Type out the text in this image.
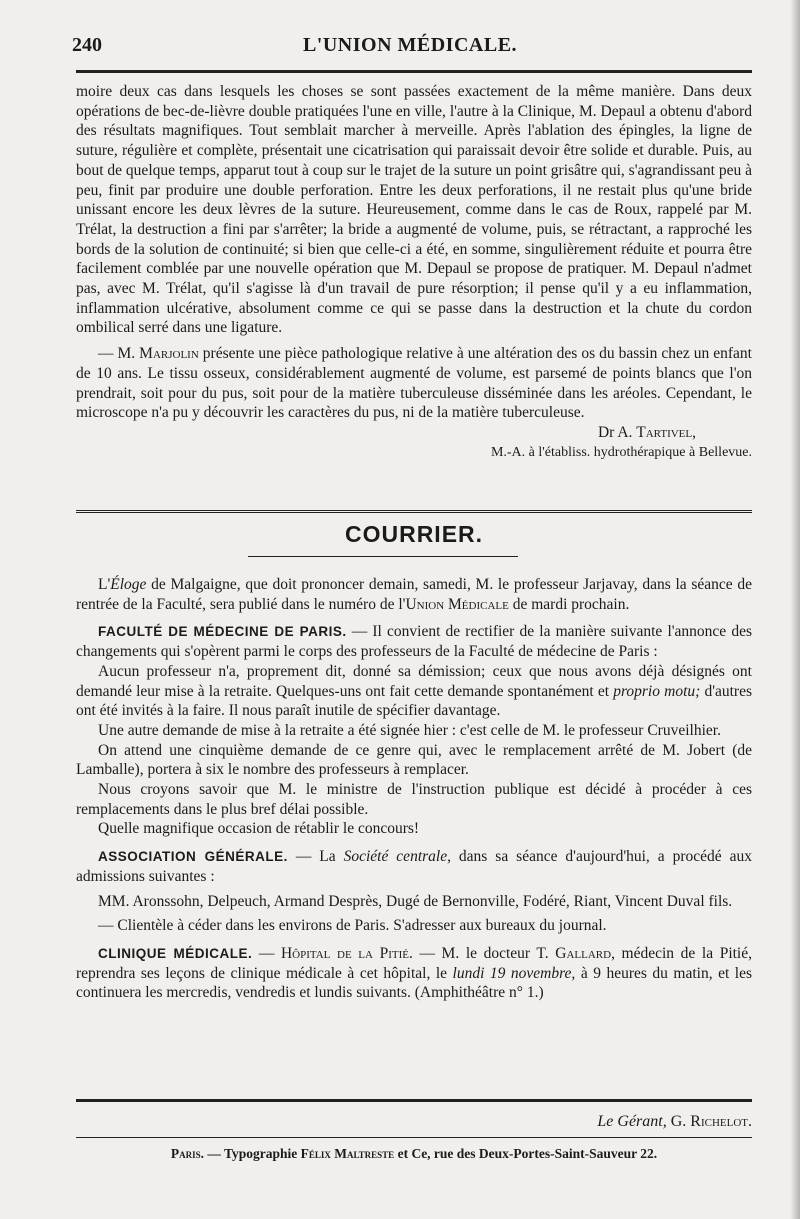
240	L'UNION MÉDICALE.

moire deux cas dans lesquels les choses se sont passées exactement de la même manière. Dans deux opérations de bec-de-lièvre double pratiquées l'une en ville, l'autre à la Clinique, M. Depaul a obtenu d'abord des résultats magnifiques. Tout semblait marcher à merveille. Après l'ablation des épingles, la ligne de suture, régulière et complète, présentait une cicatrisation qui paraissait devoir être solide et durable. Puis, au bout de quelque temps, apparut tout à coup sur le trajet de la suture un point grisâtre qui, s'agrandissant peu à peu, finit par produire une double perforation. Entre les deux perforations, il ne restait plus qu'une bride unissant encore les deux lèvres de la suture. Heureusement, comme dans le cas de Roux, rappelé par M. Trélat, la destruction a fini par s'arrêter; la bride a augmenté de volume, puis, se rétractant, a rapproché les bords de la solution de continuité; si bien que celle-ci a été, en somme, singulièrement réduite et pourra être facilement comblée par une nouvelle opération que M. Depaul se propose de pratiquer. M. Depaul n'admet pas, avec M. Trélat, qu'il s'agisse là d'un travail de pure résorption; il pense qu'il y a eu inflammation, inflammation ulcérative, absolument comme ce qui se passe dans la destruction et la chute du cordon ombilical serré dans une ligature.

— M. Marjolin présente une pièce pathologique relative à une altération des os du bassin chez un enfant de 10 ans. Le tissu osseux, considérablement augmenté de volume, est parsemé de points blancs que l'on prendrait, soit pour du pus, soit pour de la matière tuberculeuse disséminée dans les aréoles. Cependant, le microscope n'a pu y découvrir les caractères du pus, ni de la matière tuberculeuse.

Dr A. Tartivel,
M.-A. à l'établiss. hydrothérapique à Bellevue.
COURRIER.

L'Éloge de Malgaigne, que doit prononcer demain, samedi, M. le professeur Jarjavay, dans la séance de rentrée de la Faculté, sera publié dans le numéro de l'Union Médicale de mardi prochain.

FACULTÉ DE MÉDECINE DE PARIS. — Il convient de rectifier de la manière suivante l'annonce des changements qui s'opèrent parmi le corps des professeurs de la Faculté de médecine de Paris :

Aucun professeur n'a, proprement dit, donné sa démission; ceux que nous avons déjà désignés ont demandé leur mise à la retraite. Quelques-uns ont fait cette demande spontanément et proprio motu; d'autres ont été invités à la faire. Il nous paraît inutile de spécifier davantage.

Une autre demande de mise à la retraite a été signée hier : c'est celle de M. le professeur Cruveilhier.

On attend une cinquième demande de ce genre qui, avec le remplacement arrêté de M. Jobert (de Lamballe), portera à six le nombre des professeurs à remplacer.

Nous croyons savoir que M. le ministre de l'instruction publique est décidé à procéder à ces remplacements dans le plus bref délai possible.

Quelle magnifique occasion de rétablir le concours!

ASSOCIATION GÉNÉRALE. — La Société centrale, dans sa séance d'aujourd'hui, a procédé aux admissions suivantes :

MM. Aronssohn, Delpeuch, Armand Desprès, Dugé de Bernonville, Fodéré, Riant, Vincent Duval fils.

— Clientèle à céder dans les environs de Paris. S'adresser aux bureaux du journal.

CLINIQUE MÉDICALE. — Hôpital de la Pitié. — M. le docteur T. Gallard, médecin de la Pitié, reprendra ses leçons de clinique médicale à cet hôpital, le lundi 19 novembre, à 9 heures du matin, et les continuera les mercredis, vendredis et lundis suivants. (Amphithéâtre n° 1.)

Le Gérant, G. Richelot.
Paris. — Typographie Félix Maltreste et Ce, rue des Deux-Portes-Saint-Sauveur 22.
